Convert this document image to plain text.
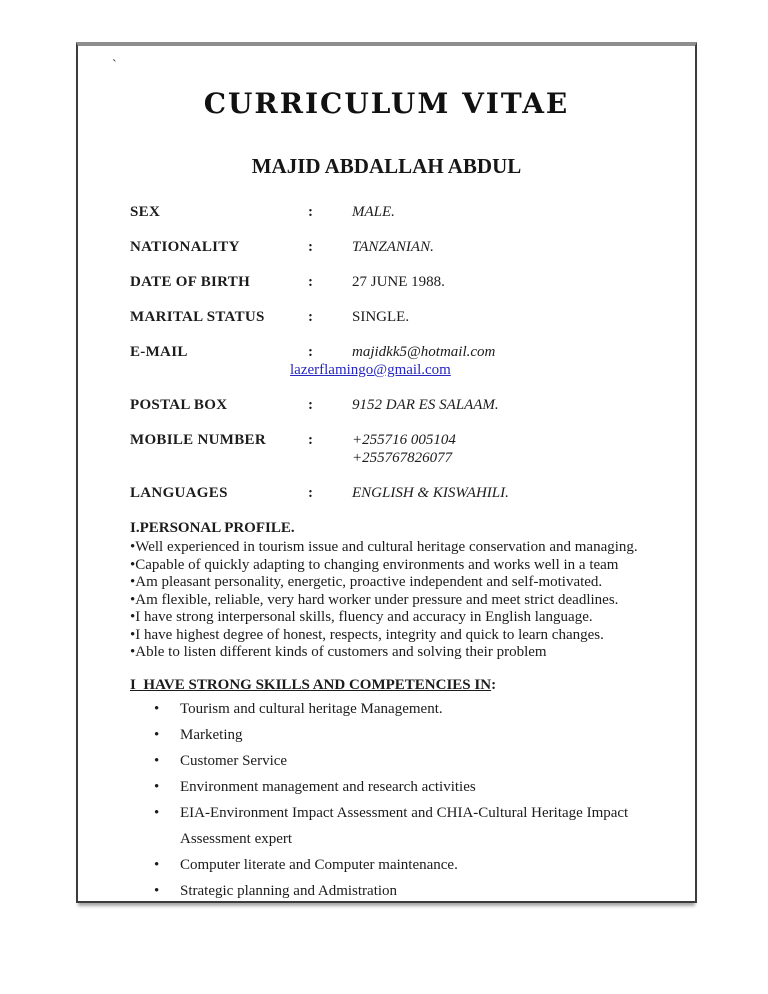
`
CURRICULUM VITAE
MAJID ABDALLAH ABDUL
SEX	:	MALE.
NATIONALITY	:	TANZANIAN.
DATE OF BIRTH	:	27 JUNE 1988.
MARITAL STATUS	:	SINGLE.
E-MAIL	:	majidkk5@hotmail.com
lazerflamingo@gmail.com
POSTAL BOX	:	9152 DAR ES SALAAM.
MOBILE NUMBER	:	+255716 005104
+255767826077
LANGUAGES	:	ENGLISH & KISWAHILI.
I.PERSONAL PROFILE.
• Well experienced in tourism issue and cultural heritage conservation and managing.
• Capable of quickly adapting to changing environments and works well in a team
• Am pleasant personality, energetic, proactive independent and self-motivated.
• Am flexible, reliable, very hard worker under pressure and meet strict deadlines.
• I have strong interpersonal skills, fluency and accuracy in English language.
• I have highest degree of honest, respects, integrity and quick to learn changes.
• Able to listen different kinds of customers and solving their problem
I  HAVE STRONG SKILLS AND COMPETENCIES IN:
•	Tourism and cultural heritage Management.
•	Marketing
•	Customer Service
•	Environment management and research activities
•	EIA-Environment Impact Assessment and CHIA-Cultural Heritage Impact Assessment expert
•	Computer literate and Computer maintenance.
•	Strategic planning and Admistration
